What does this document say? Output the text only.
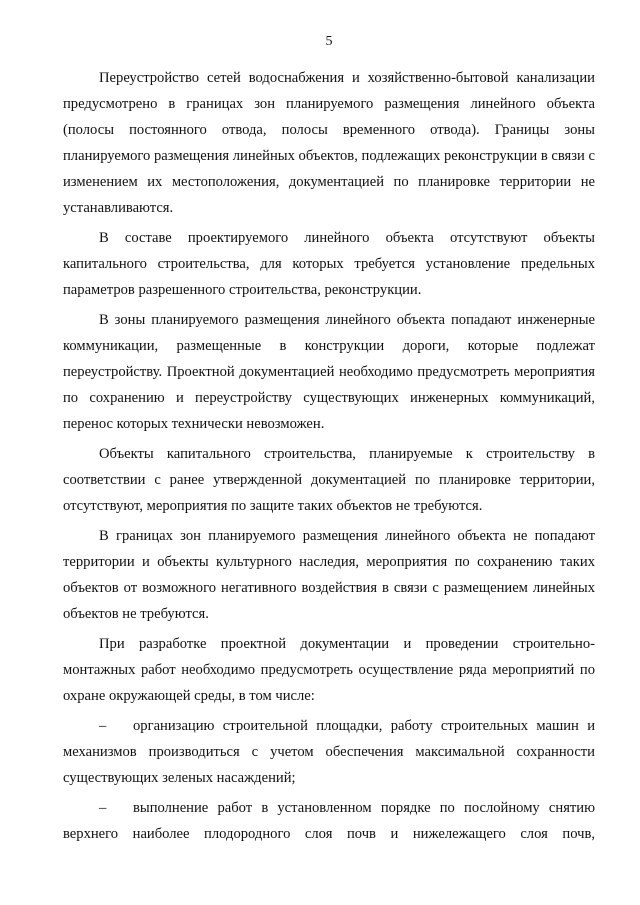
5

Переустройство сетей водоснабжения и хозяйственно-бытовой канализации предусмотрено в границах зон планируемого размещения линейного объекта (полосы постоянного отвода, полосы временного отвода). Границы зоны планируемого размещения линейных объектов, подлежащих реконструкции в связи с изменением их местоположения, документацией по планировке территории не устанавливаются.

В составе проектируемого линейного объекта отсутствуют объекты капитального строительства, для которых требуется установление предельных параметров разрешенного строительства, реконструкции.

В зоны планируемого размещения линейного объекта попадают инженерные коммуникации, размещенные в конструкции дороги, которые подлежат переустройству. Проектной документацией необходимо предусмотреть мероприятия по сохранению и переустройству существующих инженерных коммуникаций, перенос которых технически невозможен.

Объекты капитального строительства, планируемые к строительству в соответствии с ранее утвержденной документацией по планировке территории, отсутствуют, мероприятия по защите таких объектов не требуются.

В границах зон планируемого размещения линейного объекта не попадают территории и объекты культурного наследия, мероприятия по сохранению таких объектов от возможного негативного воздействия в связи с размещением линейных объектов не требуются.

При разработке проектной документации и проведении строительно-монтажных работ необходимо предусмотреть осуществление ряда мероприятий по охране окружающей среды, в том числе:

– организацию строительной площадки, работу строительных машин и механизмов производиться с учетом обеспечения максимальной сохранности существующих зеленых насаждений;

– выполнение работ в установленном порядке по послойному снятию верхнего наиболее плодородного слоя почв и нижележащего слоя почв,
